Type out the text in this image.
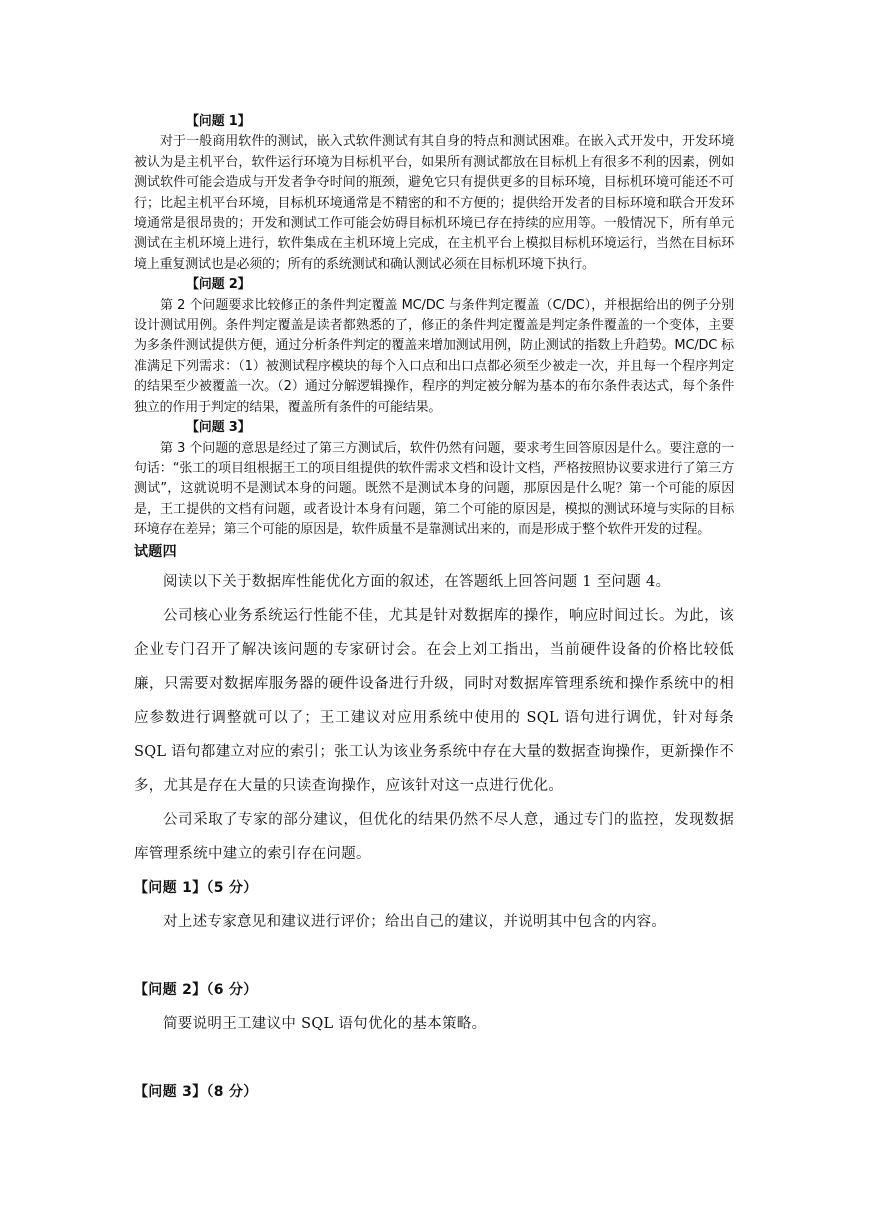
【问题 1】

对于一般商用软件的测试，嵌入式软件测试有其自身的特点和测试困难。在嵌入式开发中，开发环境被认为是主机平台，软件运行环境为目标机平台，如果所有测试都放在目标机上有很多不利的因素，例如测试软件可能会造成与开发者争夺时间的瓶颈，避免它只有提供更多的目标环境，目标机环境可能还不可行；比起主机平台环境，目标机环境通常是不精密的和不方便的；提供给开发者的目标环境和联合开发环境通常是很昂贵的；开发和测试工作可能会妨碍目标机环境已存在持续的应用等。一般情况下，所有单元测试在主机环境上进行，软件集成在主机环境上完成，在主机平台上模拟目标机环境运行，当然在目标环境上重复测试也是必须的；所有的系统测试和确认测试必须在目标机环境下执行。

【问题 2】

第 2 个问题要求比较修正的条件判定覆盖 MC/DC 与条件判定覆盖（C/DC），并根据给出的例子分别设计测试用例。条件判定覆盖是读者都熟悉的了，修正的条件判定覆盖是判定条件覆盖的一个变体，主要为多条件测试提供方便，通过分析条件判定的覆盖来增加测试用例，防止测试的指数上升趋势。MC/DC 标准满足下列需求：（1）被测试程序模块的每个入口点和出口点都必须至少被走一次，并且每一个程序判定的结果至少被覆盖一次。（2）通过分解逻辑操作，程序的判定被分解为基本的布尔条件表达式，每个条件独立的作用于判定的结果，覆盖所有条件的可能结果。

【问题 3】

第 3 个问题的意思是经过了第三方测试后，软件仍然有问题，要求考生回答原因是什么。要注意的一句话：“张工的项目组根据王工的项目组提供的软件需求文档和设计文档，严格按照协议要求进行了第三方测试”，这就说明不是测试本身的问题。既然不是测试本身的问题，那原因是什么呢？第一个可能的原因是，王工提供的文档有问题，或者设计本身有问题，第二个可能的原因是，模拟的测试环境与实际的目标环境存在差异；第三个可能的原因是，软件质量不是靠测试出来的，而是形成于整个软件开发的过程。

试题四

阅读以下关于数据库性能优化方面的叙述，在答题纸上回答问题 1 至问题 4。

公司核心业务系统运行性能不佳，尤其是针对数据库的操作，响应时间过长。为此，该企业专门召开了解决该问题的专家研讨会。在会上刘工指出，当前硬件设备的价格比较低廉，只需要对数据库服务器的硬件设备进行升级，同时对数据库管理系统和操作系统中的相应参数进行调整就可以了；王工建议对应用系统中使用的 SQL 语句进行调优，针对每条 SQL 语句都建立对应的索引；张工认为该业务系统中存在大量的数据查询操作，更新操作不多，尤其是存在大量的只读查询操作，应该针对这一点进行优化。

公司采取了专家的部分建议，但优化的结果仍然不尽人意，通过专门的监控，发现数据库管理系统中建立的索引存在问题。

【问题 1】（5 分）

对上述专家意见和建议进行评价；给出自己的建议，并说明其中包含的内容。

【问题 2】（6 分）

简要说明王工建议中 SQL 语句优化的基本策略。

【问题 3】（8 分）
